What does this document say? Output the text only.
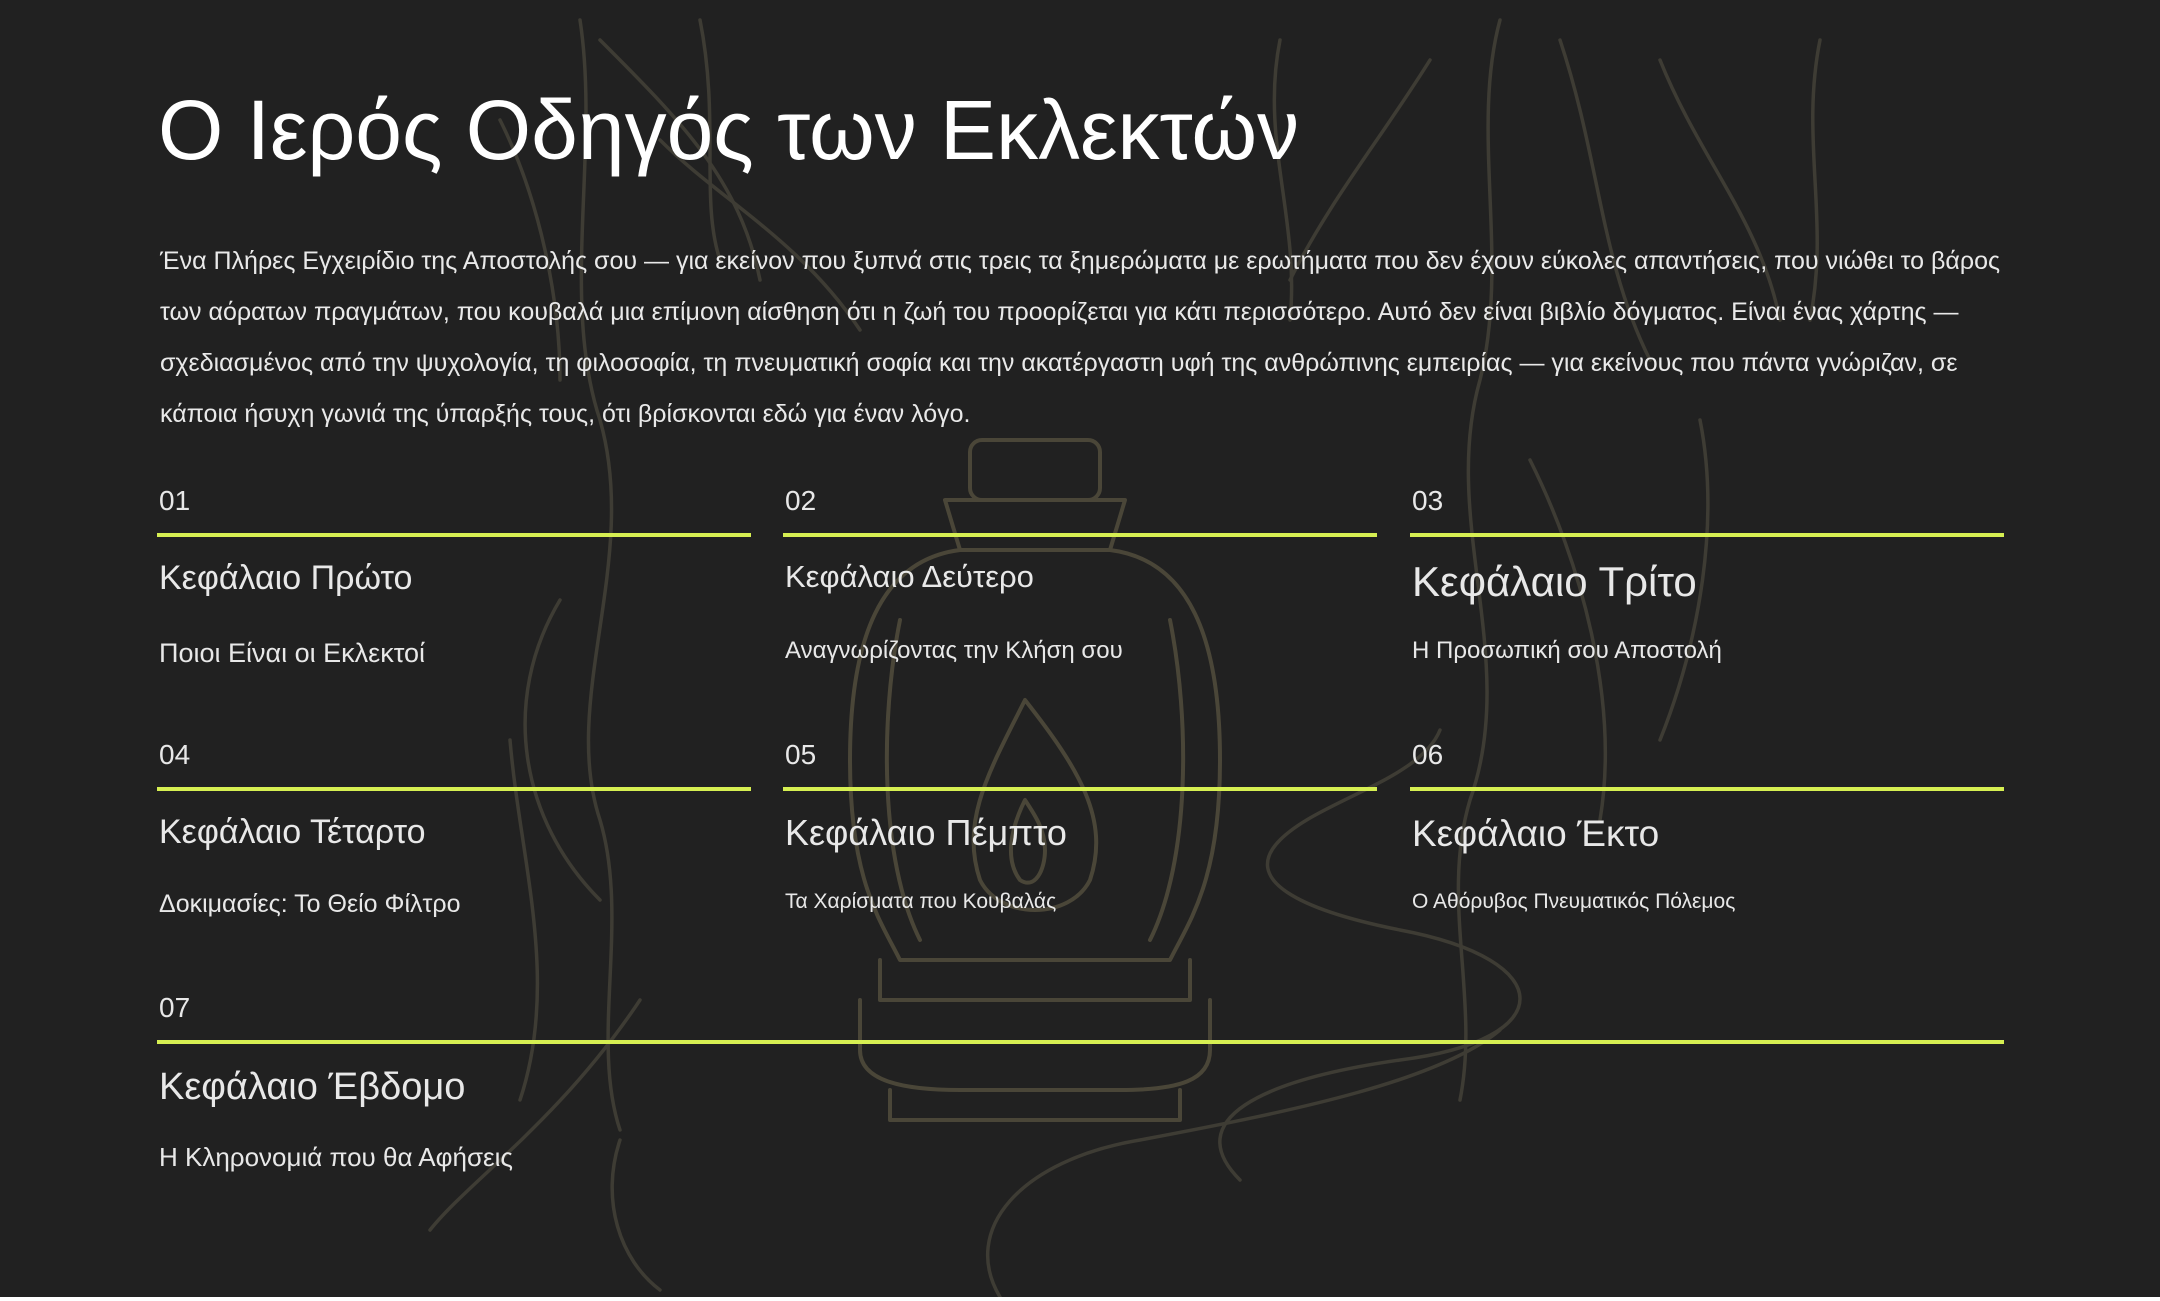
Ο Ιερός Οδηγός των Εκλεκτών

Ένα Πλήρες Εγχειρίδιο της Αποστολής σου — για εκείνον που ξυπνά στις τρεις τα ξημερώματα με ερωτήματα που δεν έχουν εύκολες απαντήσεις, που νιώθει το βάρος των αόρατων πραγμάτων, που κουβαλά μια επίμονη αίσθηση ότι η ζωή του προορίζεται για κάτι περισσότερο. Αυτό δεν είναι βιβλίο δόγματος. Είναι ένας χάρτης — σχεδιασμένος από την ψυχολογία, τη φιλοσοφία, τη πνευματική σοφία και την ακατέργαστη υφή της ανθρώπινης εμπειρίας — για εκείνους που πάντα γνώριζαν, σε κάποια ήσυχη γωνιά της ύπαρξής τους, ότι βρίσκονται εδώ για έναν λόγο.

01
Κεφάλαιο Πρώτο
Ποιοι Είναι οι Εκλεκτοί
02
Κεφάλαιο Δεύτερο
Αναγνωρίζοντας την Κλήση σου
03
Κεφάλαιο Τρίτο
Η Προσωπική σου Αποστολή
04
Κεφάλαιο Τέταρτο
Δοκιμασίες: Το Θείο Φίλτρο
05
Κεφάλαιο Πέμπτο
Τα Χαρίσματα που Κουβαλάς
06
Κεφάλαιο Έκτο
Ο Αθόρυβος Πνευματικός Πόλεμος
07
Κεφάλαιο Έβδομο
Η Κληρονομιά που θα Αφήσεις
